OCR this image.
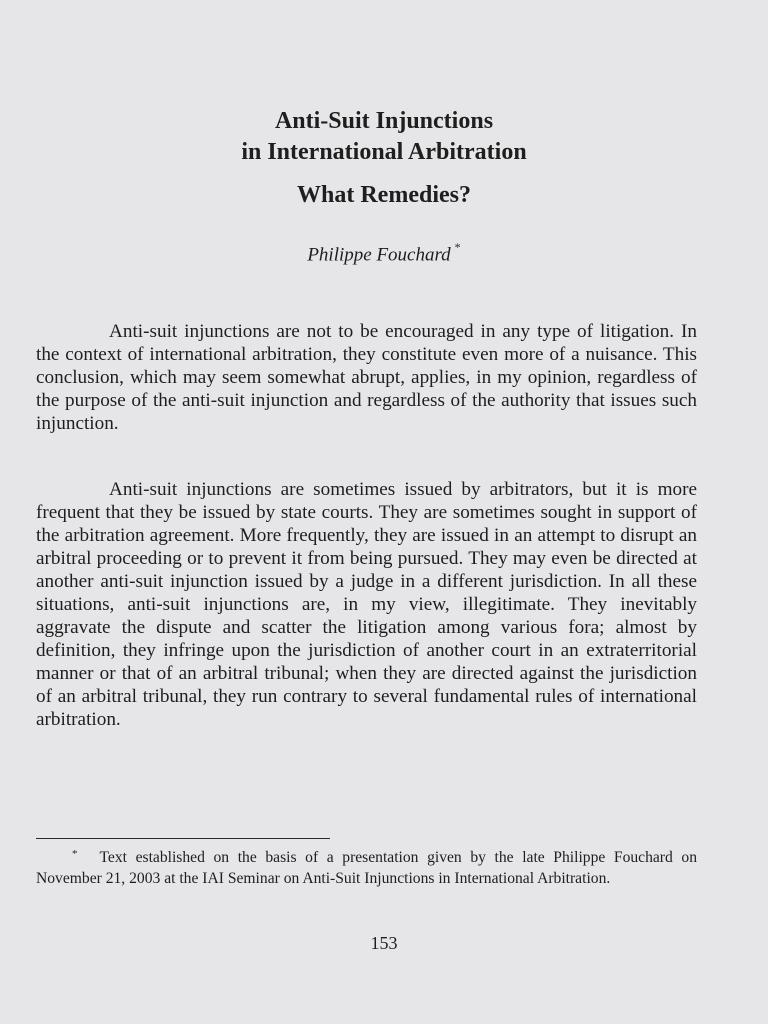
Anti-Suit Injunctions
in International Arbitration
What Remedies?
Philippe Fouchard *

Anti-suit injunctions are not to be encouraged in any type of litigation. In the context of international arbitration, they constitute even more of a nuisance. This conclusion, which may seem somewhat abrupt, applies, in my opinion, regardless of the purpose of the anti-suit injunction and regardless of the authority that issues such injunction.

Anti-suit injunctions are sometimes issued by arbitrators, but it is more frequent that they be issued by state courts. They are sometimes sought in support of the arbitration agreement. More frequently, they are issued in an attempt to disrupt an arbitral proceeding or to prevent it from being pursued. They may even be directed at another anti-suit injunction issued by a judge in a different jurisdiction. In all these situations, anti-suit injunctions are, in my view, illegitimate. They inevitably aggravate the dispute and scatter the litigation among various fora; almost by definition, they infringe upon the jurisdiction of another court in an extraterritorial manner or that of an arbitral tribunal; when they are directed against the jurisdiction of an arbitral tribunal, they run contrary to several fundamental rules of international arbitration.

* Text established on the basis of a presentation given by the late Philippe Fouchard on November 21, 2003 at the IAI Seminar on Anti-Suit Injunctions in International Arbitration.

153
